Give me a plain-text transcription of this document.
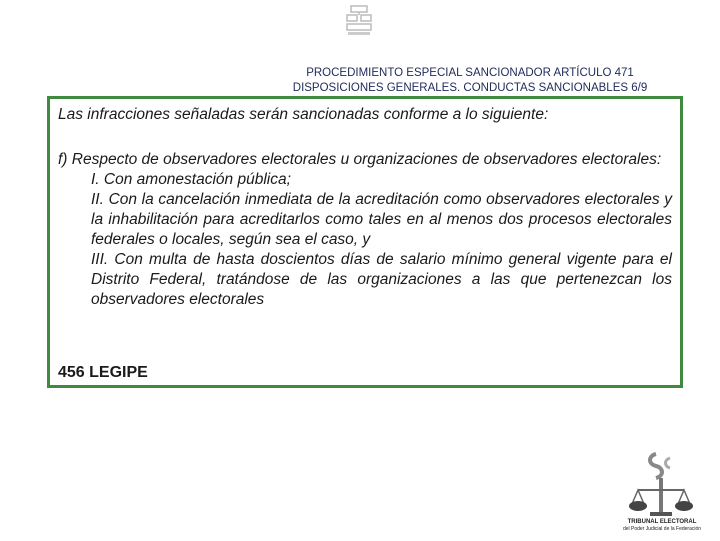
PROCEDIMIENTO ESPECIAL SANCIONADOR ARTÍCULO 471
DISPOSICIONES GENERALES. CONDUCTAS SANCIONABLES 6/9
Las infracciones señaladas serán sancionadas conforme a lo siguiente:

f) Respecto de observadores electorales u organizaciones de observadores electorales:

I. Con amonestación pública;

II. Con la cancelación inmediata de la acreditación como observadores electorales y la inhabilitación para acreditarlos como tales en al menos dos procesos electorales federales o locales, según sea el caso, y

III. Con multa de hasta doscientos días de salario mínimo general vigente para el Distrito Federal, tratándose de las organizaciones a las que pertenezcan los observadores electorales

456 LEGIPE
TRIBUNAL ELECTORAL
del Poder Judicial de la Federación
